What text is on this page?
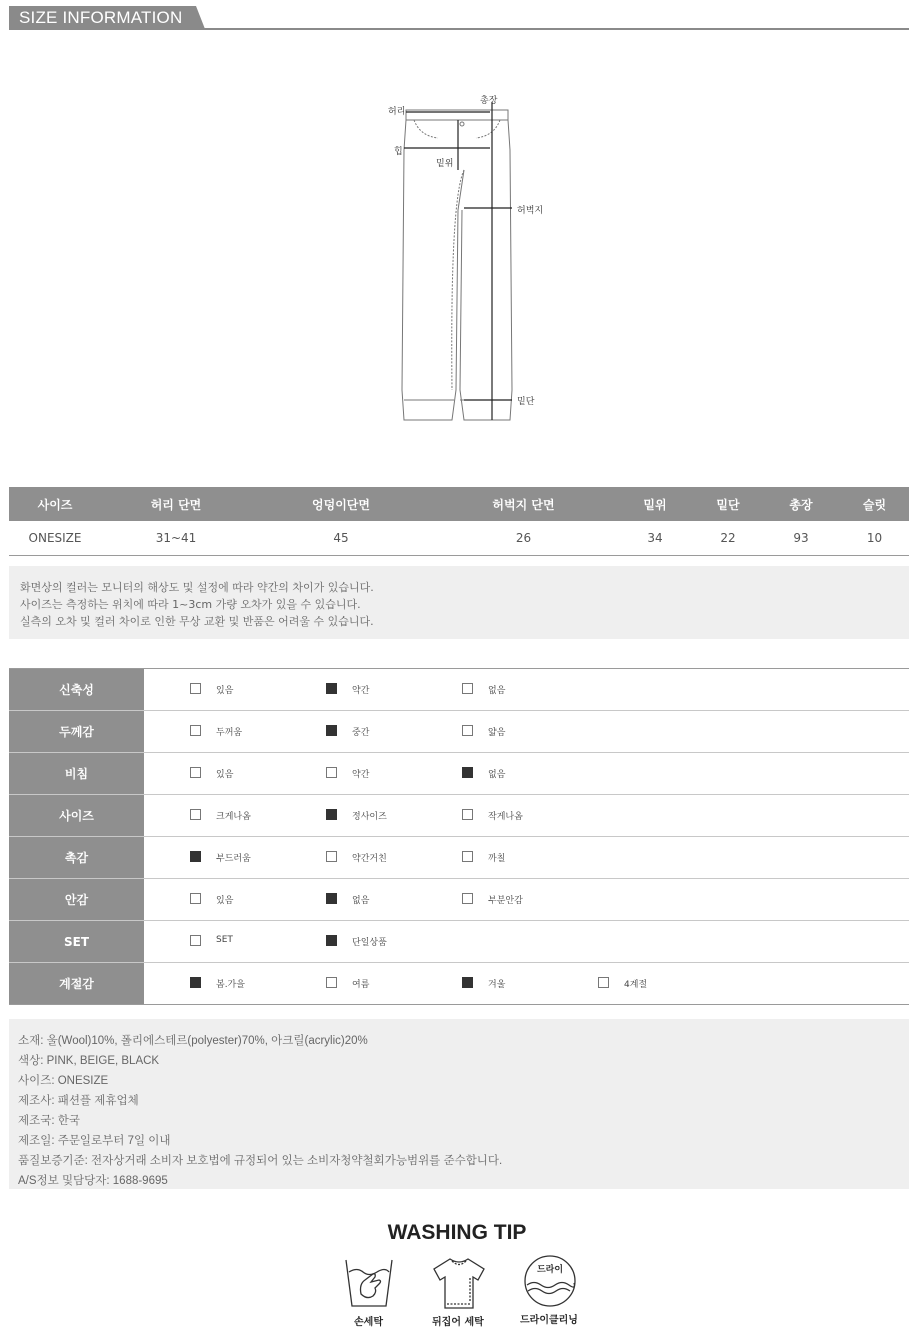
SIZE INFORMATION
허리
총장
힙
밑위
허벅지
밑단
사이즈	허리 단면	엉덩이단면	허벅지 단면	밑위	밑단	총장	슬릿
ONESIZE	31~41	45	26	34	22	93	10
화면상의 컬러는 모니터의 해상도 및 설정에 따라 약간의 차이가 있습니다.
사이즈는 측정하는 위치에 따라 1~3cm 가량 오차가 있을 수 있습니다.
실측의 오차 및 컬러 차이로 인한 무상 교환 및 반품은 어려울 수 있습니다.
신축성	있음	약간	없음
두께감	두꺼움	중간	얇음
비침	있음	약간	없음
사이즈	크게나옴	정사이즈	작게나옴
촉감	부드러움	약간거친	까칠
안감	있음	없음	부분안감
SET	SET	단일상품
계절감	봄.가을	여름	겨울	4계절
소재: 울(Wool)10%, 폴리에스테르(polyester)70%, 아크릴(acrylic)20%
색상: PINK, BEIGE, BLACK
사이즈: ONESIZE
제조사: 패션플 제휴업체
제조국: 한국
제조일: 주문일로부터 7일 이내
품질보증기준: 전자상거래 소비자 보호법에 규정되어 있는 소비자청약철회가능범위를 준수합니다.
A/S정보 및담당자: 1688-9695
WASHING TIP
손세탁	뒤집어 세탁
드라이
드라이클리닝
